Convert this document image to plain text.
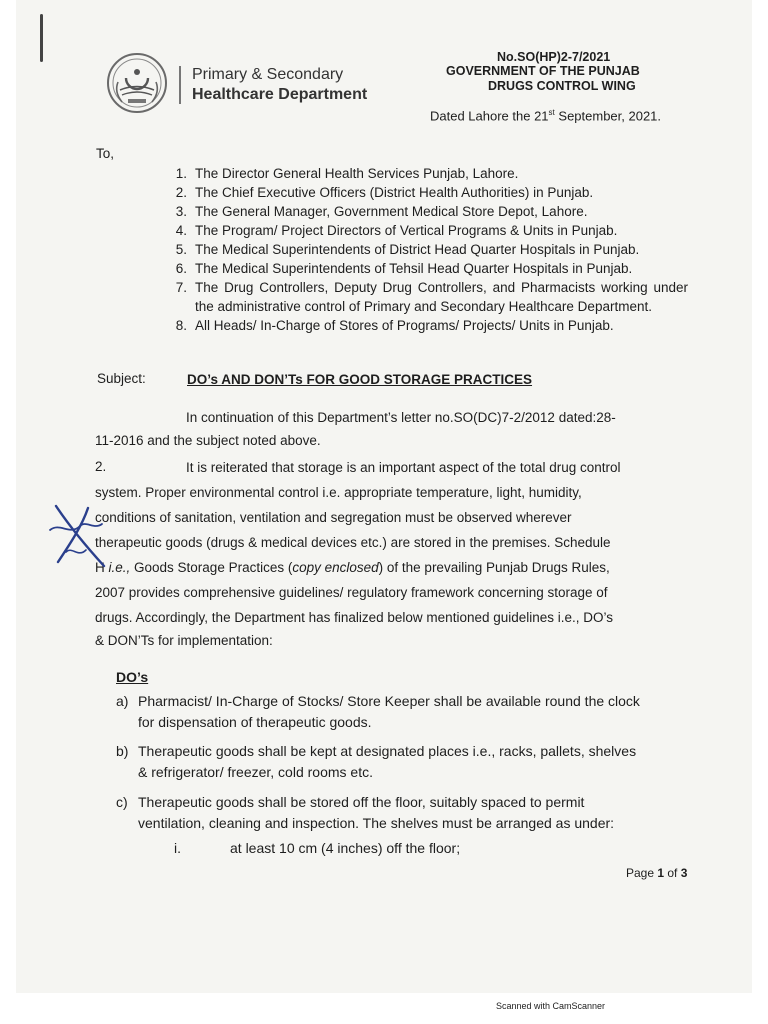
Primary & Secondary
Healthcare Department
No.SO(HP)2-7/2021
GOVERNMENT OF THE PUNJAB
DRUGS CONTROL WING
Dated Lahore the 21st September, 2021.
To,
1. The Director General Health Services Punjab, Lahore.
2. The Chief Executive Officers (District Health Authorities) in Punjab.
3. The General Manager, Government Medical Store Depot, Lahore.
4. The Program/ Project Directors of Vertical Programs & Units in Punjab.
5. The Medical Superintendents of District Head Quarter Hospitals in Punjab.
6. The Medical Superintendents of Tehsil Head Quarter Hospitals in Punjab.
7. The Drug Controllers, Deputy Drug Controllers, and Pharmacists working under the administrative control of Primary and Secondary Healthcare Department.
8. All Heads/ In-Charge of Stores of Programs/ Projects/ Units in Punjab.
Subject:	DO’s AND DON’Ts FOR GOOD STORAGE PRACTICES
In continuation of this Department’s letter no.SO(DC)7-2/2012 dated:28-
11-2016 and the subject noted above.
2.	It is reiterated that storage is an important aspect of the total drug control
system. Proper environmental control i.e. appropriate temperature, light, humidity,
conditions of sanitation, ventilation and segregation must be observed wherever
therapeutic goods (drugs & medical devices etc.) are stored in the premises. Schedule
H i.e., Goods Storage Practices (copy enclosed) of the prevailing Punjab Drugs Rules,
2007 provides comprehensive guidelines/ regulatory framework concerning storage of
drugs. Accordingly, the Department has finalized below mentioned guidelines i.e., DO’s
& DON’Ts for implementation:
DO’s
a) Pharmacist/ In-Charge of Stocks/ Store Keeper shall be available round the clock
for dispensation of therapeutic goods.
b) Therapeutic goods shall be kept at designated places i.e., racks, pallets, shelves
& refrigerator/ freezer, cold rooms etc.
c) Therapeutic goods shall be stored off the floor, suitably spaced to permit
ventilation, cleaning and inspection. The shelves must be arranged as under:
i.	at least 10 cm (4 inches) off the floor;
Page 1 of 3
Scanned with CamScanner
